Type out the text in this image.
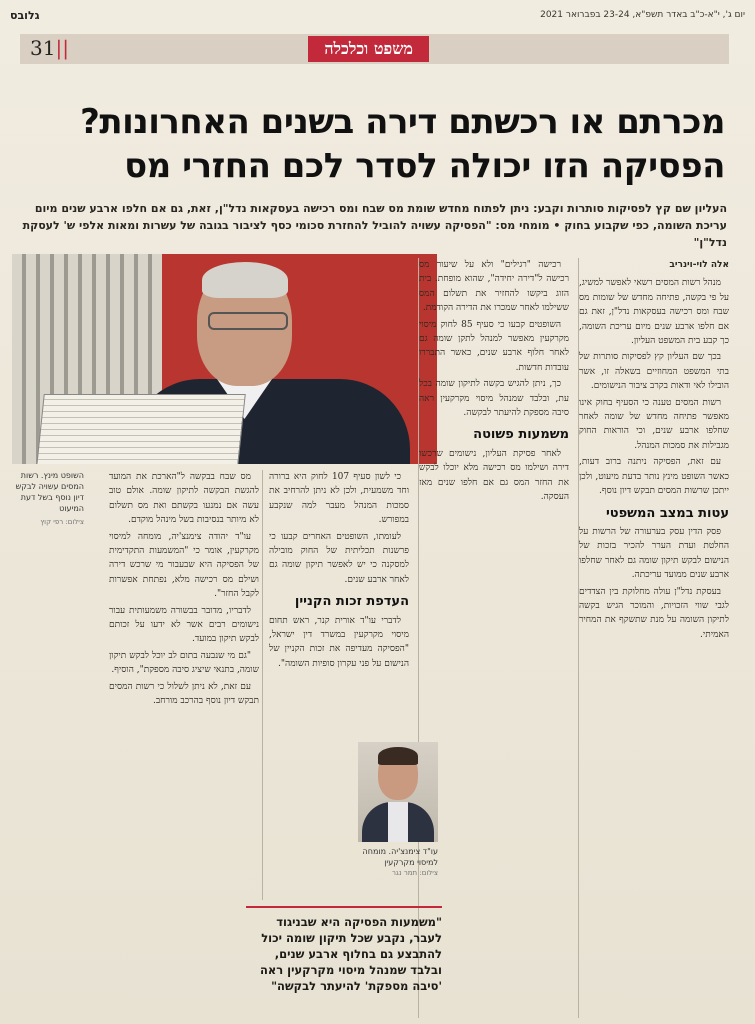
יום ג', י"א-כ"ב באדר תשפ"א, 23-24 בפברואר 2021
גלובס
משפט וכלכלה
31||
מכרתם או רכשתם דירה בשנים האחרונות?
הפסיקה הזו יכולה לסדר לכם החזרי מס
העליון שם קץ לפסיקות סותרות וקבע: ניתן לפתוח מחדש שומת מס שבח ומס רכישה בעסקאות נדל"ן, זאת, גם אם חלפו ארבע שנים מיום עריכת השומה, כפי שקבוע בחוק • מומחי מס: "הפסיקה עשויה להוביל להחזרת סכומי כסף לציבור בגובה של עשרות ומאות אלפי ש' לעסקת נדל"ן"
השופט מינץ. רשות המסים עשויה לבקש דיון נוסף בשל דעת המיעוט
צילום: רפי קוץ

אלה לוי-וינריב

מנהל רשות המסים רשאי לאפשר למשיג, על פי בקשה, פתיחה מחדש של שומות מס שבח ומס רכישה בעסקאות נדל"ן, זאת גם אם חלפו ארבע שנים מיום עריכת השומה, כך קבע בית המשפט העליון.

בכך שם העליון קץ לפסיקות סותרות של בתי המשפט המחוזיים בשאלה זו, אשר הובילו לאי ודאות בקרב ציבור הנישומים.

רשות המסים טענה כי הסעיף בחוק אינו מאפשר פתיחה מחדש של שומה לאחר שחלפו ארבע שנים, וכי הוראות החוק מגבילות את סמכות המנהל.

עם זאת, הפסיקה ניתנה ברוב דעות, כאשר השופט מינץ נותר בדעת מיעוט, ולכן ייתכן שרשות המסים תבקש דיון נוסף.

עטות במצב המשפטי

פסק הדין עסק בערעורה של הרשות על החלטת ועדת הערר להכיר בזכות של הנישום לבקש תיקון שומה גם לאחר שחלפו ארבע שנים ממועד עריכתה.

בעסקת נדל"ן עולה מחלוקת בין הצדדים לגבי שווי הזכויות, והמוכר הגיש בקשה לתיקון השומה על מנת שתשקף את המחיר האמיתי.

רכישה "רגילים" ולא על שיעור מס רכישה ל"דירה יחידה", שהוא מופחת. בית הזוג ביקשו להחזיר את תשלום המס ששילמו לאחר שמכרו את הדירה הקודמת.

השופטים קבעו כי סעיף 85 לחוק מיסוי מקרקעין מאפשר למנהל לתקן שומה גם לאחר חלוף ארבע שנים, כאשר התבררו עובדות חדשות.

כך, ניתן להגיש בקשה לתיקון שומה בכל עת, ובלבד שמנהל מיסוי מקרקעין ראה סיבה מספקת להיעתר לבקשה.

משמעות פשוטה

לאחר פסיקת העליון, נישומים שרכשו דירה ושילמו מס רכישה מלא יוכלו לבקש את החזר המס גם אם חלפו שנים מאז העסקה.

כי לשון סעיף 107 לחוק היא ברורה וחד משמעית, ולכן לא ניתן להרחיב את סמכות המנהל מעבר למה שנקבע במפורש.

לעומתו, השופטים האחרים קבעו כי פרשנות תכליתית של החוק מובילה למסקנה כי יש לאפשר תיקון שומה גם לאחר ארבע שנים.

העדפת זכות הקניין

לדברי עו"ד אורית קנר, ראש תחום מיסוי מקרקעין במשרד דין ישראל, "הפסיקה מעדיפה את זכות הקניין של הנישום על פני עקרון סופיות השומה".

מס שבח בבקשה ל"הארכת את המועד להגשת הבקשה לתיקון שומה. אולם טוב עשה אם נמנעו בקשתם ואת מס תשלום לא מיותר בנסיבות בשל מינהל מוקדם.

עו"ד יהודה צימנצ'יה, מומחה למיסוי מקרקעין, אומר כי "המשמעות התקדימית של הפסיקה היא שבעבור מי שרכש דירה ושילם מס רכישה מלא, נפתחת אפשרות לקבל החזר".

לדבריו, מדובר בבשורה משמעותית עבור נישומים רבים אשר לא ידעו על זכותם לבקש תיקון במועד.

"גם מי שנבעה בתום לב יוכל לבקש תיקון שומה, בתנאי שיציג סיבה מספקת", הוסיף.

עם זאת, לא ניתן לשלול כי רשות המסים תבקש דיון נוסף בהרכב מורחב.

עו"ד צימנצ'יה. מומחה למיסוי מקרקעין
צילום: תמר נגר
"משמעות הפסיקה היא שבניגוד לעבר, נקבע שכל תיקון שומה יכול להתבצע גם בחלוף ארבע שנים, ובלבד שמנהל מיסוי מקרקעין ראה 'סיבה מספקת' להיעתר לבקשה"
